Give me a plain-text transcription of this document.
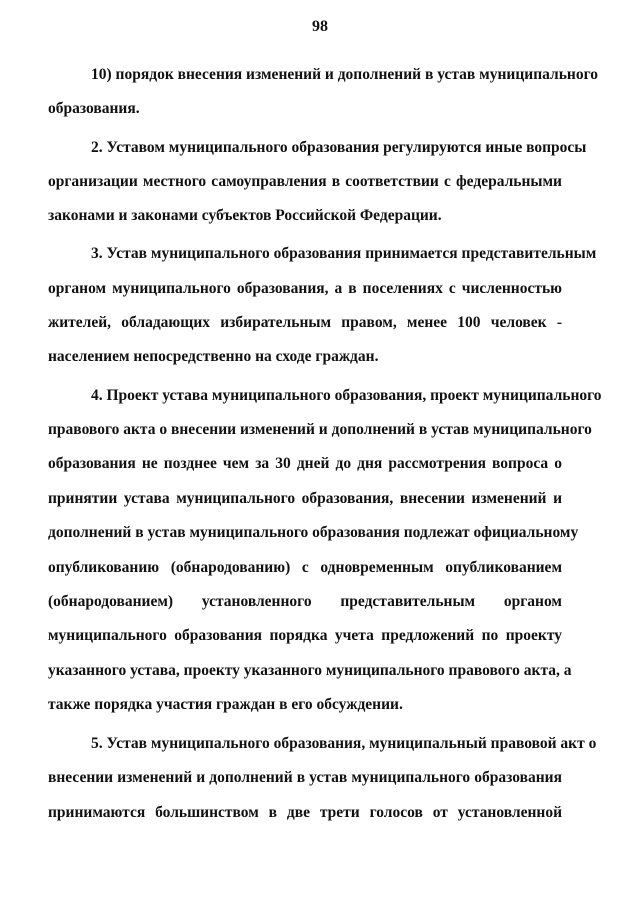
98
10) порядок внесения изменений и дополнений в устав муниципального
образования.
2. Уставом муниципального образования регулируются иные вопросы
организации местного самоуправления в соответствии с федеральными
законами и законами субъектов Российской Федерации.
3. Устав муниципального образования принимается представительным
органом муниципального образования, а в поселениях с численностью
жителей, обладающих избирательным правом, менее 100 человек -
населением непосредственно на сходе граждан.
4. Проект устава муниципального образования, проект муниципального
правового акта о внесении изменений и дополнений в устав муниципального
образования не позднее чем за 30 дней до дня рассмотрения вопроса о
принятии устава муниципального образования, внесении изменений и
дополнений в устав муниципального образования подлежат официальному
опубликованию (обнародованию) с одновременным опубликованием
(обнародованием) установленного представительным органом
муниципального образования порядка учета предложений по проекту
указанного устава, проекту указанного муниципального правового акта, а
также порядка участия граждан в его обсуждении.
5. Устав муниципального образования, муниципальный правовой акт о
внесении изменений и дополнений в устав муниципального образования
принимаются большинством в две трети голосов от установленной
